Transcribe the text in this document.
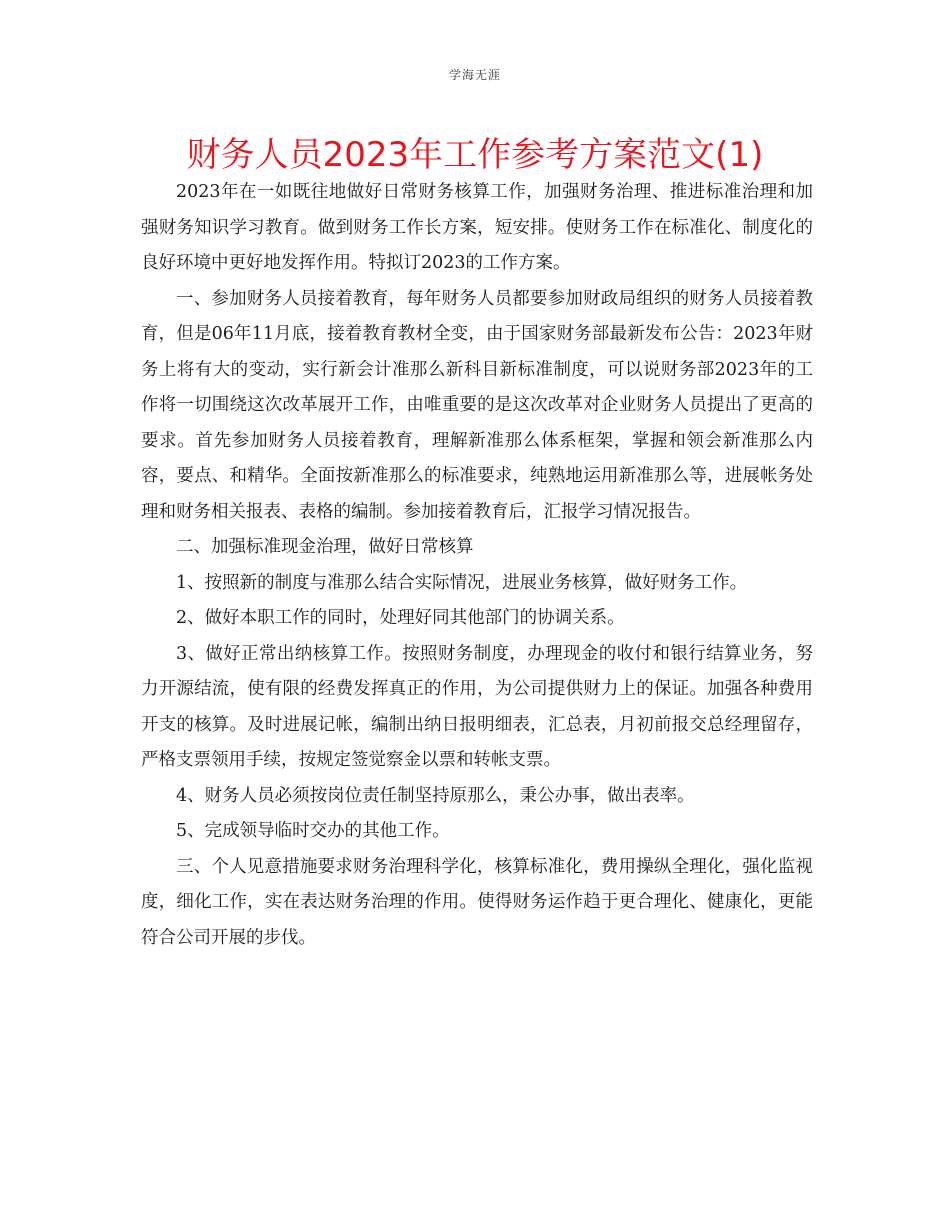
学海无涯
财务人员2023年工作参考方案范文(1)

2023年在一如既往地做好日常财务核算工作，加强财务治理、推进标准治理和加强财务知识学习教育。做到财务工作长方案，短安排。使财务工作在标准化、制度化的良好环境中更好地发挥作用。特拟订2023的工作方案。

一、参加财务人员接着教育，每年财务人员都要参加财政局组织的财务人员接着教育，但是06年11月底，接着教育教材全变，由于国家财务部最新发布公告：2023年财务上将有大的变动，实行新会计准那么新科目新标准制度，可以说财务部2023年的工作将一切围绕这次改革展开工作，由唯重要的是这次改革对企业财务人员提出了更高的要求。首先参加财务人员接着教育，理解新准那么体系框架，掌握和领会新准那么内容，要点、和精华。全面按新准那么的标准要求，纯熟地运用新准那么等，进展帐务处理和财务相关报表、表格的编制。参加接着教育后，汇报学习情况报告。

二、加强标准现金治理，做好日常核算

1、按照新的制度与准那么结合实际情况，进展业务核算，做好财务工作。

2、做好本职工作的同时，处理好同其他部门的协调关系。

3、做好正常出纳核算工作。按照财务制度，办理现金的收付和银行结算业务，努力开源结流，使有限的经费发挥真正的作用，为公司提供财力上的保证。加强各种费用开支的核算。及时进展记帐，编制出纳日报明细表，汇总表，月初前报交总经理留存，严格支票领用手续，按规定签觉察金以票和转帐支票。

4、财务人员必须按岗位责任制坚持原那么，秉公办事，做出表率。

5、完成领导临时交办的其他工作。

三、个人见意措施要求财务治理科学化，核算标准化，费用操纵全理化，强化监视度，细化工作，实在表达财务治理的作用。使得财务运作趋于更合理化、健康化，更能符合公司开展的步伐。
